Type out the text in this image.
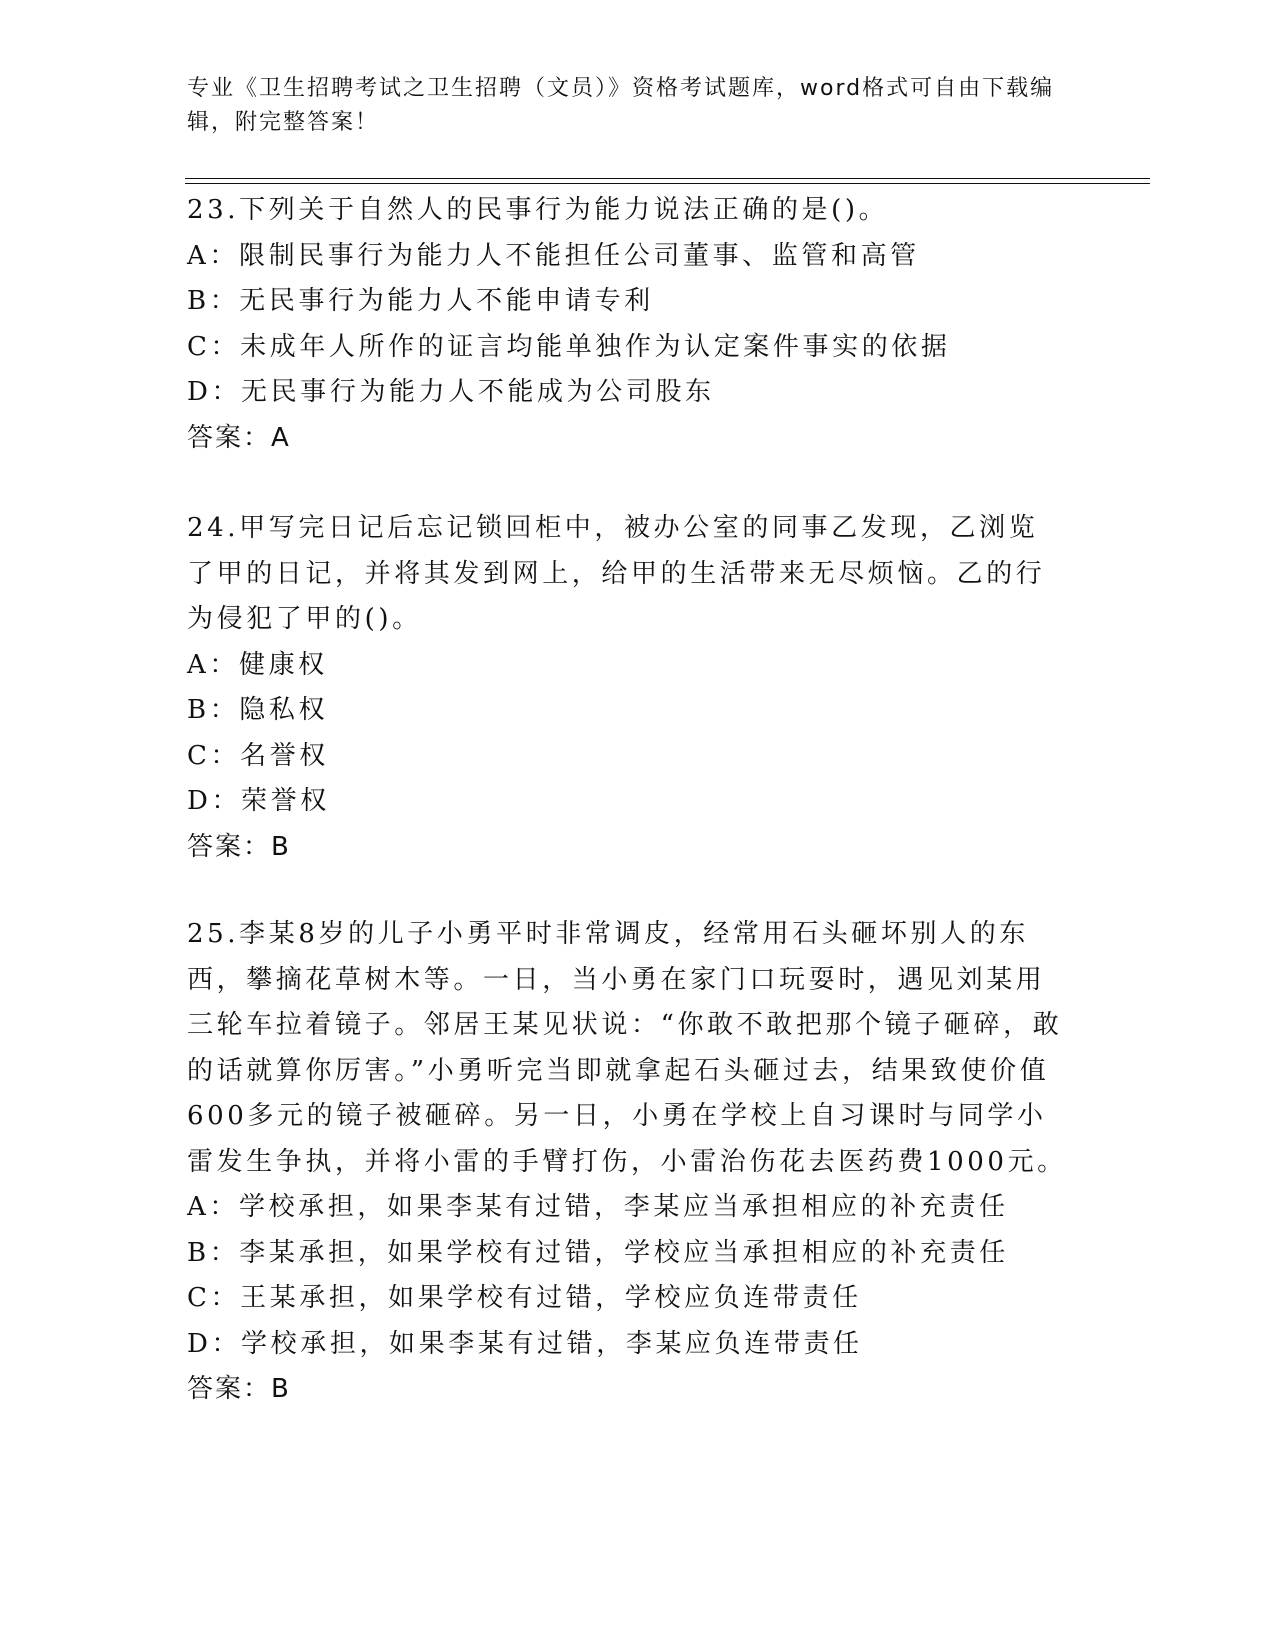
专业《卫生招聘考试之卫生招聘（文员）》资格考试题库，word格式可自由下载编辑，附完整答案！

23.下列关于自然人的民事行为能力说法正确的是()。

A：限制民事行为能力人不能担任公司董事、监管和高管

B：无民事行为能力人不能申请专利

C：未成年人所作的证言均能单独作为认定案件事实的依据

D：无民事行为能力人不能成为公司股东

答案：A

24.甲写完日记后忘记锁回柜中，被办公室的同事乙发现，乙浏览了甲的日记，并将其发到网上，给甲的生活带来无尽烦恼。乙的行为侵犯了甲的()。

A：健康权

B：隐私权

C：名誉权

D：荣誉权

答案：B

25.李某8岁的儿子小勇平时非常调皮，经常用石头砸坏别人的东西，攀摘花草树木等。一日，当小勇在家门口玩耍时，遇见刘某用三轮车拉着镜子。邻居王某见状说：“你敢不敢把那个镜子砸碎，敢的话就算你厉害。”小勇听完当即就拿起石头砸过去，结果致使价值600多元的镜子被砸碎。另一日，小勇在学校上自习课时与同学小雷发生争执，并将小雷的手臂打伤，小雷治伤花去医药费1000元。

A：学校承担，如果李某有过错，李某应当承担相应的补充责任

B：李某承担，如果学校有过错，学校应当承担相应的补充责任

C：王某承担，如果学校有过错，学校应负连带责任

D：学校承担，如果李某有过错，李某应负连带责任

答案：B
